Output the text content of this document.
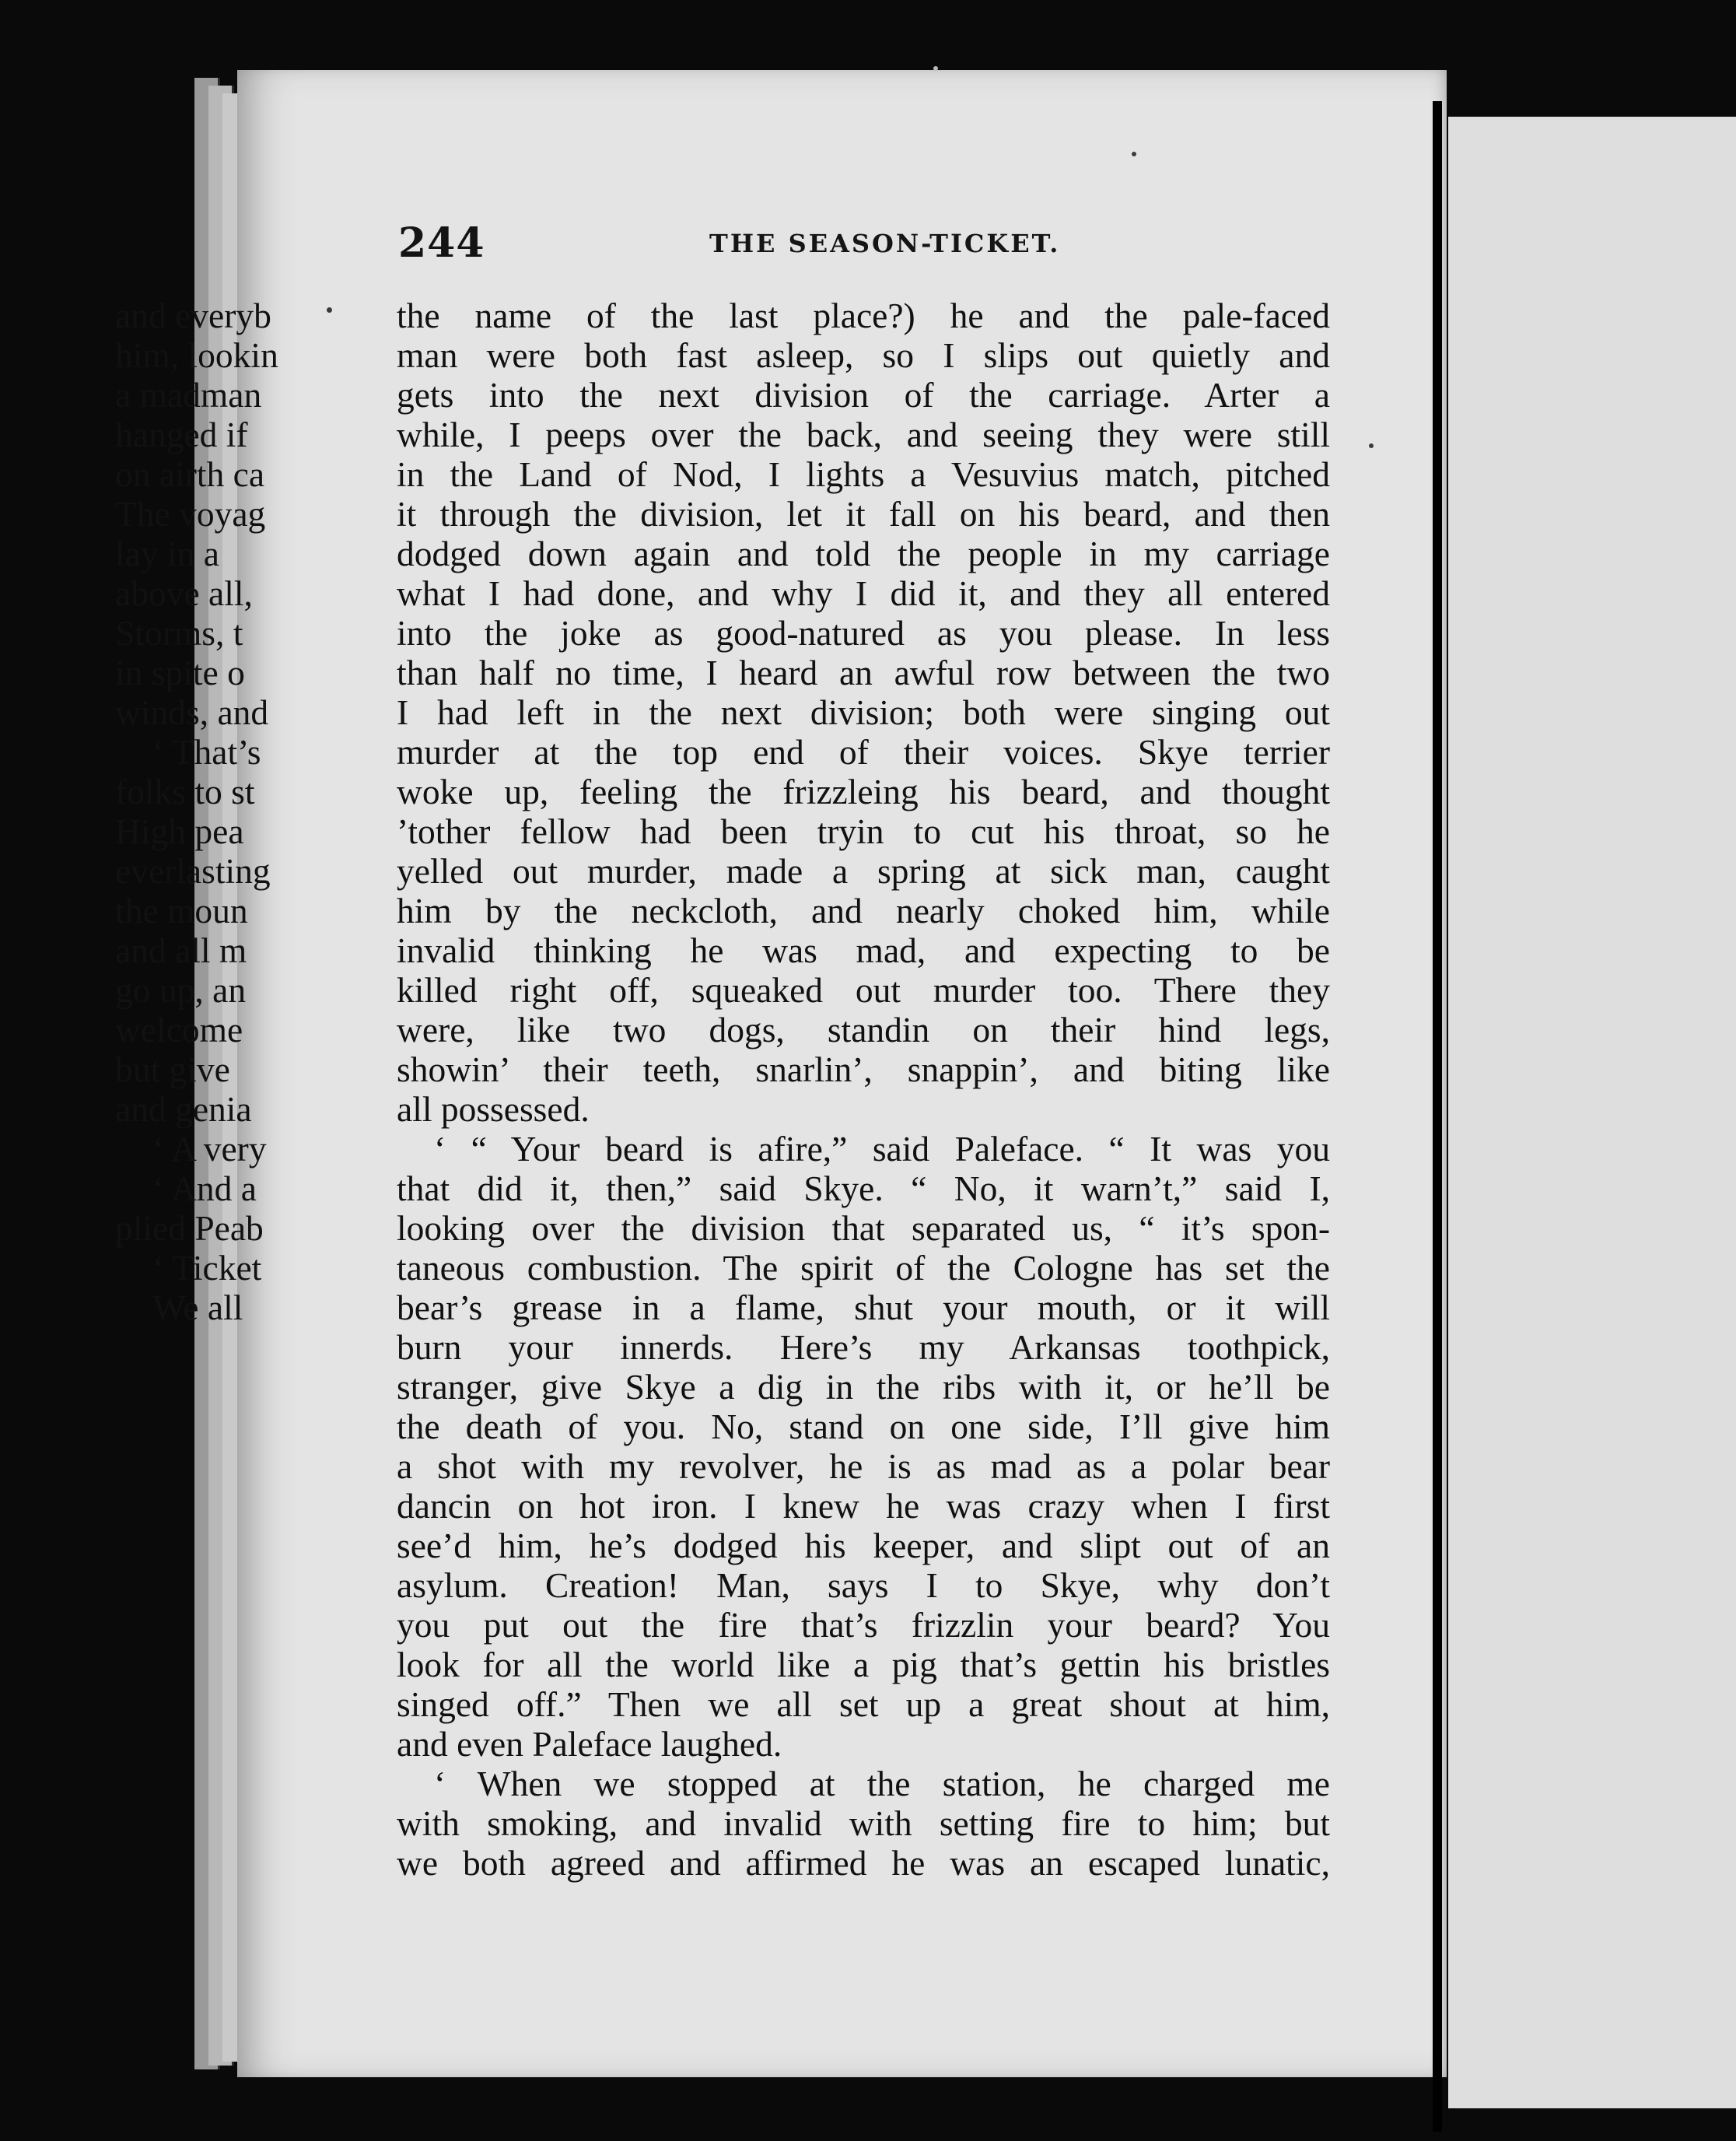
244	THE SEASON-TICKET.
the name of the last place?) he and the pale-faced
man were both fast asleep, so I slips out quietly and
gets into the next division of the carriage. Arter a
while, I peeps over the back, and seeing they were still
in the Land of Nod, I lights a Vesuvius match, pitched
it through the division, let it fall on his beard, and then
dodged down again and told the people in my carriage
what I had done, and why I did it, and they all entered
into the joke as good-natured as you please. In less
than half no time, I heard an awful row between the two
I had left in the next division; both were singing out
murder at the top end of their voices. Skye terrier
woke up, feeling the frizzleing his beard, and thought
’tother fellow had been tryin to cut his throat, so he
yelled out murder, made a spring at sick man, caught
him by the neckcloth, and nearly choked him, while
invalid thinking he was mad, and expecting to be
killed right off, squeaked out murder too. There they
were, like two dogs, standin on their hind legs,
showin’ their teeth, snarlin’, snappin’, and biting like
all possessed.
‘ “ Your beard is afire,” said Paleface. “ It was you
that did it, then,” said Skye. “ No, it warn’t,” said I,
looking over the division that separated us, “ it’s spon-
taneous combustion. The spirit of the Cologne has set the
bear’s grease in a flame, shut your mouth, or it will
burn your innerds. Here’s my Arkansas toothpick,
stranger, give Skye a dig in the ribs with it, or he’ll be
the death of you. No, stand on one side, I’ll give him
a shot with my revolver, he is as mad as a polar bear
dancin on hot iron. I knew he was crazy when I first
see’d him, he’s dodged his keeper, and slipt out of an
asylum. Creation! Man, says I to Skye, why don’t
you put out the fire that’s frizzlin your beard? You
look for all the world like a pig that’s gettin his bristles
singed off.” Then we all set up a great shout at him,
and even Paleface laughed.
‘ When we stopped at the station, he charged me
with smoking, and invalid with setting fire to him; but
we both agreed and affirmed he was an escaped lunatic,
and everyb
him, lookin
a madman
hanged if
on airth ca
The voyag
lay in a
above all,
Storms, t
in spite o
winds, and
‘ That’s
folks to st
High pea
everlasting
the moun
and all m
go up, an
welcome
but give
and genia
‘ A very
‘ And a
plied Peab
‘ Ticket
We all
